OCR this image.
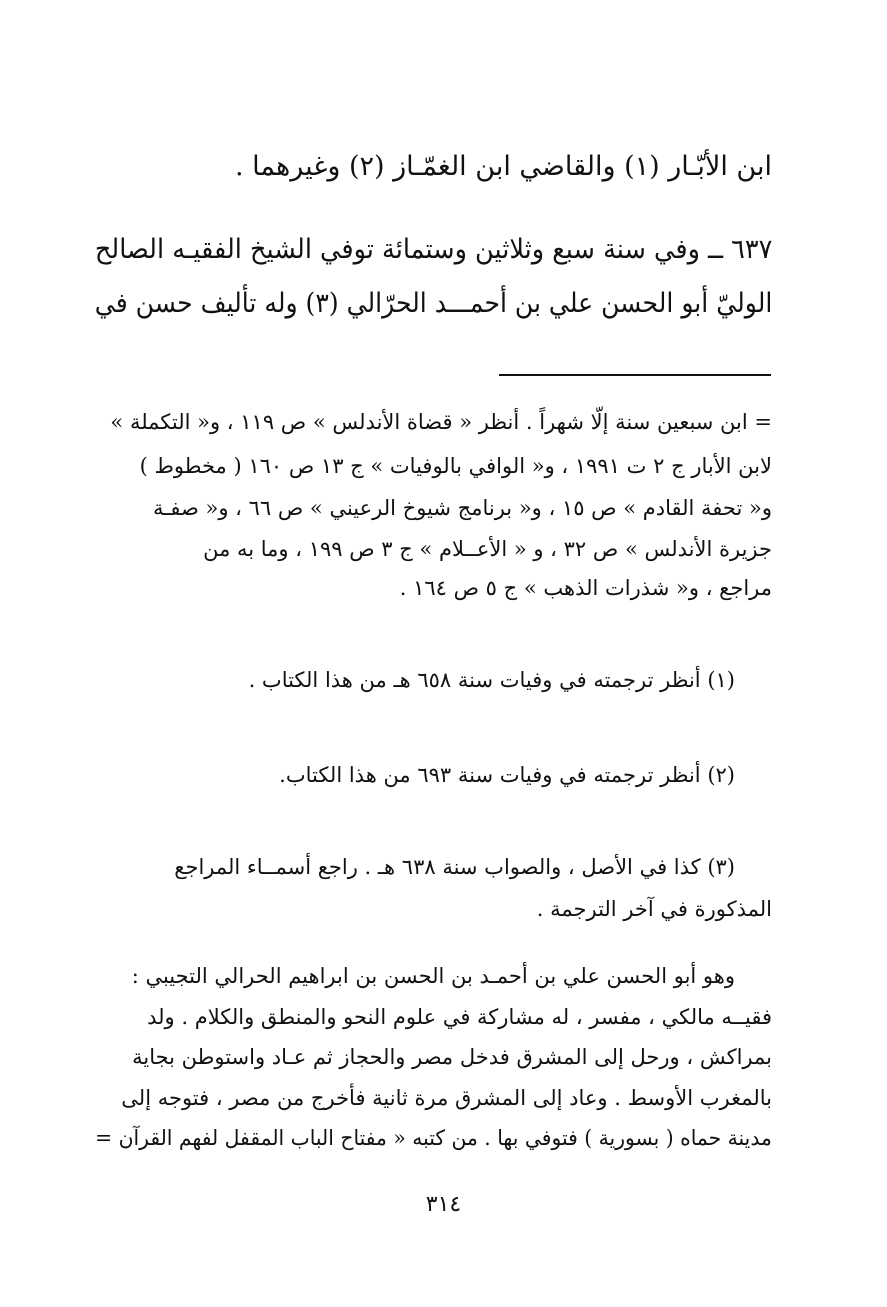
ابن الأبّـار (١) والقاضي ابن الغمّـاز (٢) وغيرهما .
٦٣٧ ــ وفي سنة سبع وثلاثين وستمائة توفي الشيخ الفقيـه الصالح
الوليّ أبو الحسن علي بن أحمـــد الحرّالي (٣) وله تأليف حسن في
= ابن سبعين سنة إلّا شهراً . أنظر « قضاة الأندلس » ص ١١٩ ، و« التكملة »
لابن الأبار ج ٢ ت ١٩٩١ ، و« الوافي بالوفيات » ج ١٣ ص ١٦٠ ( مخطوط )
و« تحفة القادم » ص ١٥ ، و« برنامج شيوخ الرعيني » ص ٦٦ ، و« صفـة
جزيرة الأندلس » ص ٣٢ ، و « الأعــلام » ج ٣ ص ١٩٩ ، وما به من
مراجع ، و« شذرات الذهب » ج ٥ ص ١٦٤ .
(١) أنظر ترجمته في وفيات سنة ٦٥٨ هـ من هذا الكتاب .
(٢) أنظر ترجمته في وفيات سنة ٦٩٣ من هذا الكتاب.
(٣) كذا في الأصل ، والصواب سنة ٦٣٨ هـ . راجع أسمــاء المراجع
المذكورة في آخر الترجمة .
وهو أبو الحسن علي بن أحمـد بن الحسن بن ابراهيم الحرالي التجيبي :
فقيــه مالكي ، مفسر ، له مشاركة في علوم النحو والمنطق والكلام . ولد
بمراكش ، ورحل إلى المشرق فدخل مصر والحجاز ثم عـاد واستوطن بجاية
بالمغرب الأوسط . وعاد إلى المشرق مرة ثانية فأخرج من مصر ، فتوجه إلى
مدينة حماه ( بسورية ) فتوفي بها . من كتبه « مفتاح الباب المقفل لفهم القرآن =
٣١٤
